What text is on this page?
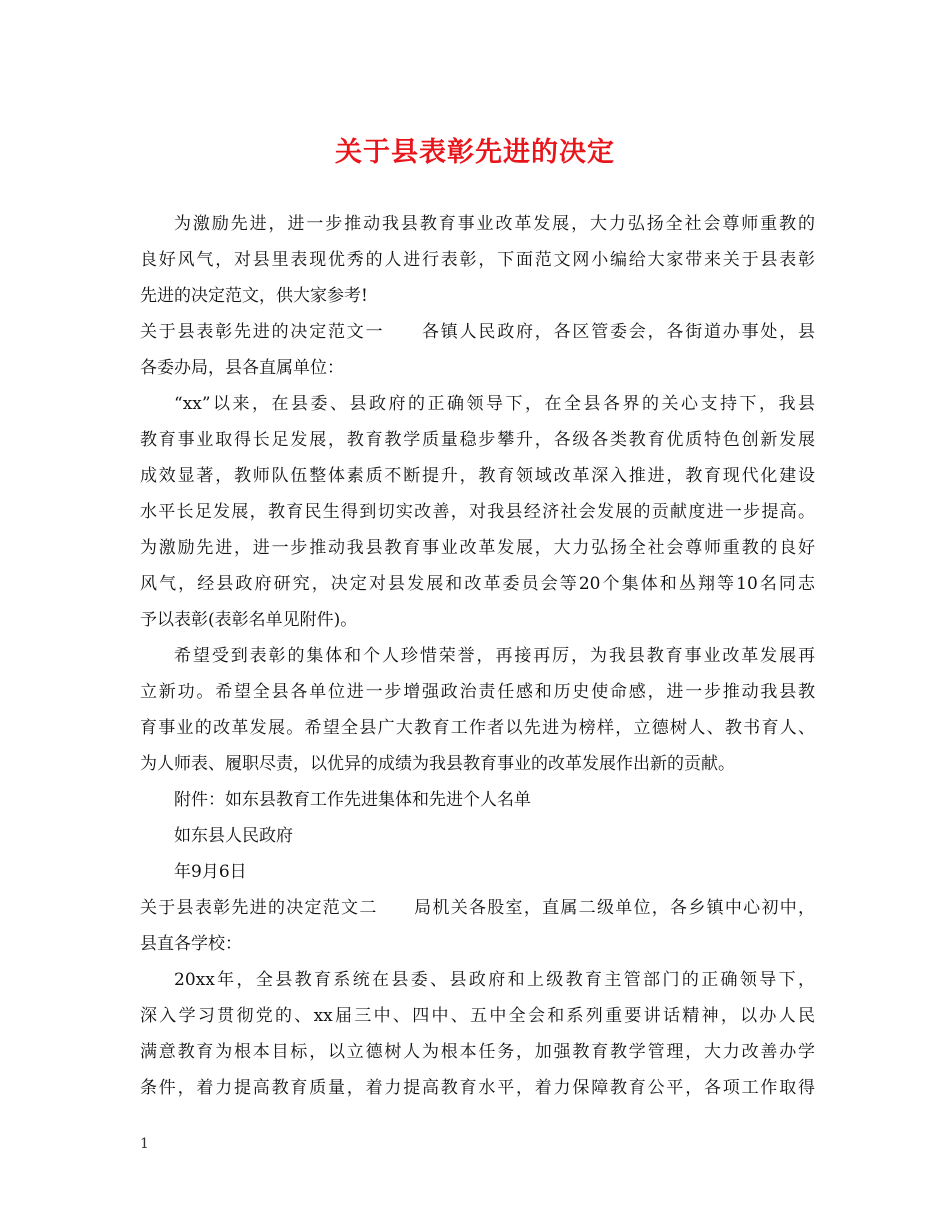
关于县表彰先进的决定
为激励先进，进一步推动我县教育事业改革发展，大力弘扬全社会尊师重教的
良好风气，对县里表现优秀的人进行表彰，下面范文网小编给大家带来关于县表彰
先进的决定范文，供大家参考!
关于县表彰先进的决定范文一　　各镇人民政府，各区管委会，各街道办事处，县
各委办局，县各直属单位：
“xx”以来，在县委、县政府的正确领导下，在全县各界的关心支持下，我县
教育事业取得长足发展，教育教学质量稳步攀升，各级各类教育优质特色创新发展
成效显著，教师队伍整体素质不断提升，教育领域改革深入推进，教育现代化建设
水平长足发展，教育民生得到切实改善，对我县经济社会发展的贡献度进一步提高。
为激励先进，进一步推动我县教育事业改革发展，大力弘扬全社会尊师重教的良好
风气，经县政府研究，决定对县发展和改革委员会等20个集体和丛翔等10名同志
予以表彰(表彰名单见附件)。
希望受到表彰的集体和个人珍惜荣誉，再接再厉，为我县教育事业改革发展再
立新功。希望全县各单位进一步增强政治责任感和历史使命感，进一步推动我县教
育事业的改革发展。希望全县广大教育工作者以先进为榜样，立德树人、教书育人、
为人师表、履职尽责，以优异的成绩为我县教育事业的改革发展作出新的贡献。
附件：如东县教育工作先进集体和先进个人名单
如东县人民政府
年9月6日
关于县表彰先进的决定范文二　　局机关各股室，直属二级单位，各乡镇中心初中，
县直各学校：
20xx年，全县教育系统在县委、县政府和上级教育主管部门的正确领导下，
深入学习贯彻党的、xx届三中、四中、五中全会和系列重要讲话精神，以办人民
满意教育为根本目标，以立德树人为根本任务，加强教育教学管理，大力改善办学
条件，着力提高教育质量，着力提高教育水平，着力保障教育公平，各项工作取得
1
